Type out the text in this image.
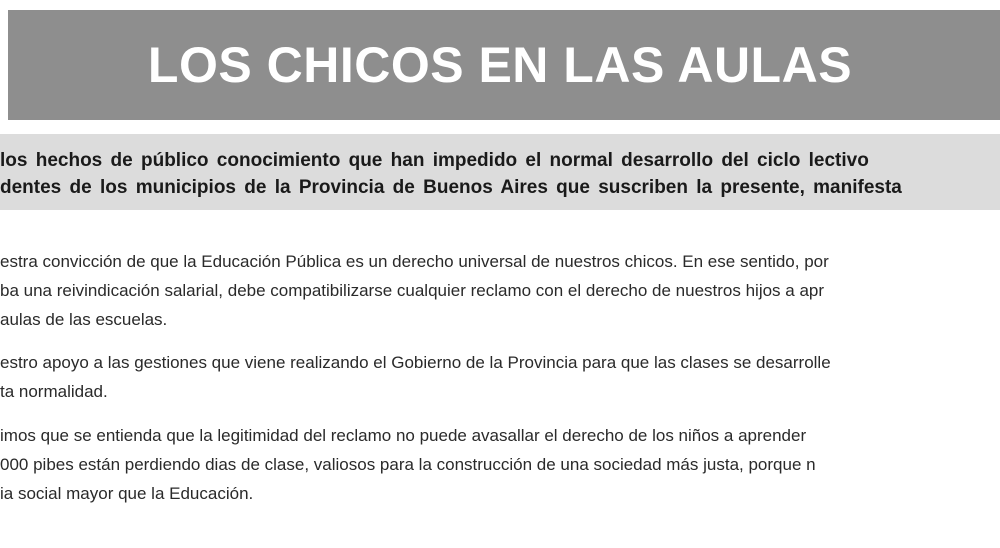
LOS CHICOS EN LAS AULAS
los hechos de público conocimiento que han impedido el normal desarrollo del ciclo lectivo
dentes de los municipios de la Provincia de Buenos Aires que suscriben la presente, manifesta
estra convicción de que la Educación Pública es un derecho universal de nuestros chicos. En ese sentido, por
ba una reivindicación salarial, debe compatibilizarse cualquier reclamo con el derecho de nuestros hijos a apr
aulas de las escuelas.
estro apoyo a las gestiones que viene realizando el Gobierno de la Provincia para que las clases se desarrolle
ta normalidad.
imos que se entienda que la legitimidad del reclamo no puede avasallar el derecho de los niños a aprender
000 pibes están perdiendo dias de clase, valiosos para la construcción de una sociedad más justa, porque n
ia social mayor que la Educación.
